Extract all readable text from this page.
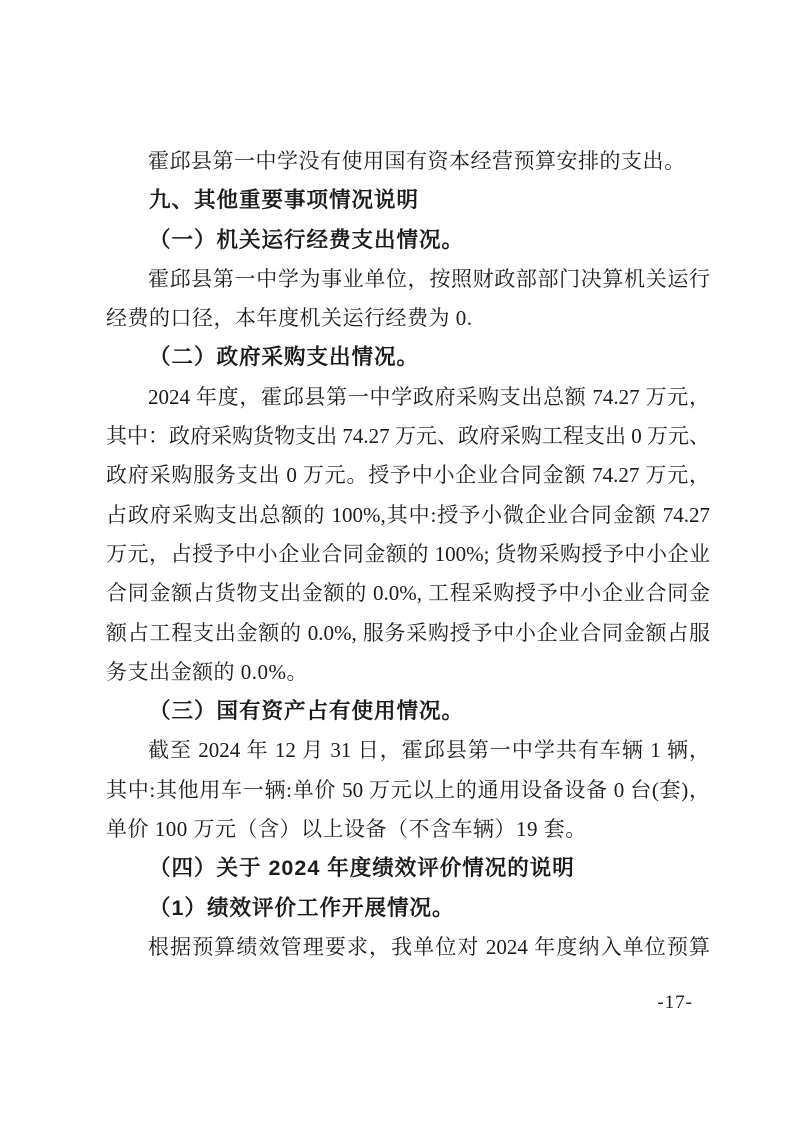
霍邱县第一中学没有使用国有资本经营预算安排的支出。
九、其他重要事项情况说明
（一）机关运行经费支出情况。
霍邱县第一中学为事业单位，按照财政部部门决算机关运行
经费的口径，本年度机关运行经费为 0.
（二）政府采购支出情况。
2024 年度，霍邱县第一中学政府采购支出总额 74.27 万元，
其中：政府采购货物支出 74.27 万元、政府采购工程支出 0 万元、
政府采购服务支出 0 万元。授予中小企业合同金额 74.27 万元，
占政府采购支出总额的 100%,其中:授予小微企业合同金额 74.27
万元，占授予中小企业合同金额的 100%; 货物采购授予中小企业
合同金额占货物支出金额的 0.0%, 工程采购授予中小企业合同金
额占工程支出金额的 0.0%, 服务采购授予中小企业合同金额占服
务支出金额的 0.0%。
（三）国有资产占有使用情况。
截至 2024 年 12 月 31 日，霍邱县第一中学共有车辆 1 辆，
其中:其他用车一辆:单价 50 万元以上的通用设备设备 0 台(套)，
单价 100 万元（含）以上设备（不含车辆）19 套。
（四）关于 2024 年度绩效评价情况的说明
（1）绩效评价工作开展情况。
根据预算绩效管理要求，我单位对 2024 年度纳入单位预算
-17-
